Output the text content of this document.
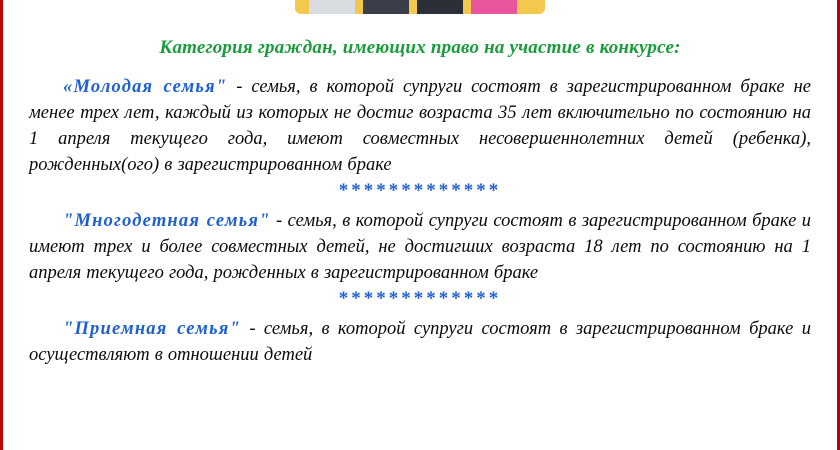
Категория граждан, имеющих право на участие в конкурсе:

«Молодая семья" - семья, в которой супруги состоят в зарегистрированном браке не менее трех лет, каждый из которых не достиг возраста 35 лет включительно по состоянию на 1 апреля текущего года, имеют совместных несовершеннолетних детей (ребенка), рожденных(ого) в зарегистрированном браке

*************

"Многодетная семья" - семья, в которой супруги состоят в зарегистрированном браке и имеют трех и более совместных детей, не достигших возраста 18 лет по состоянию на 1 апреля текущего года, рожденных в зарегистрированном браке

*************

"Приемная семья" - семья, в которой супруги состоят в зарегистрированном браке и осуществляют в отношении детей
